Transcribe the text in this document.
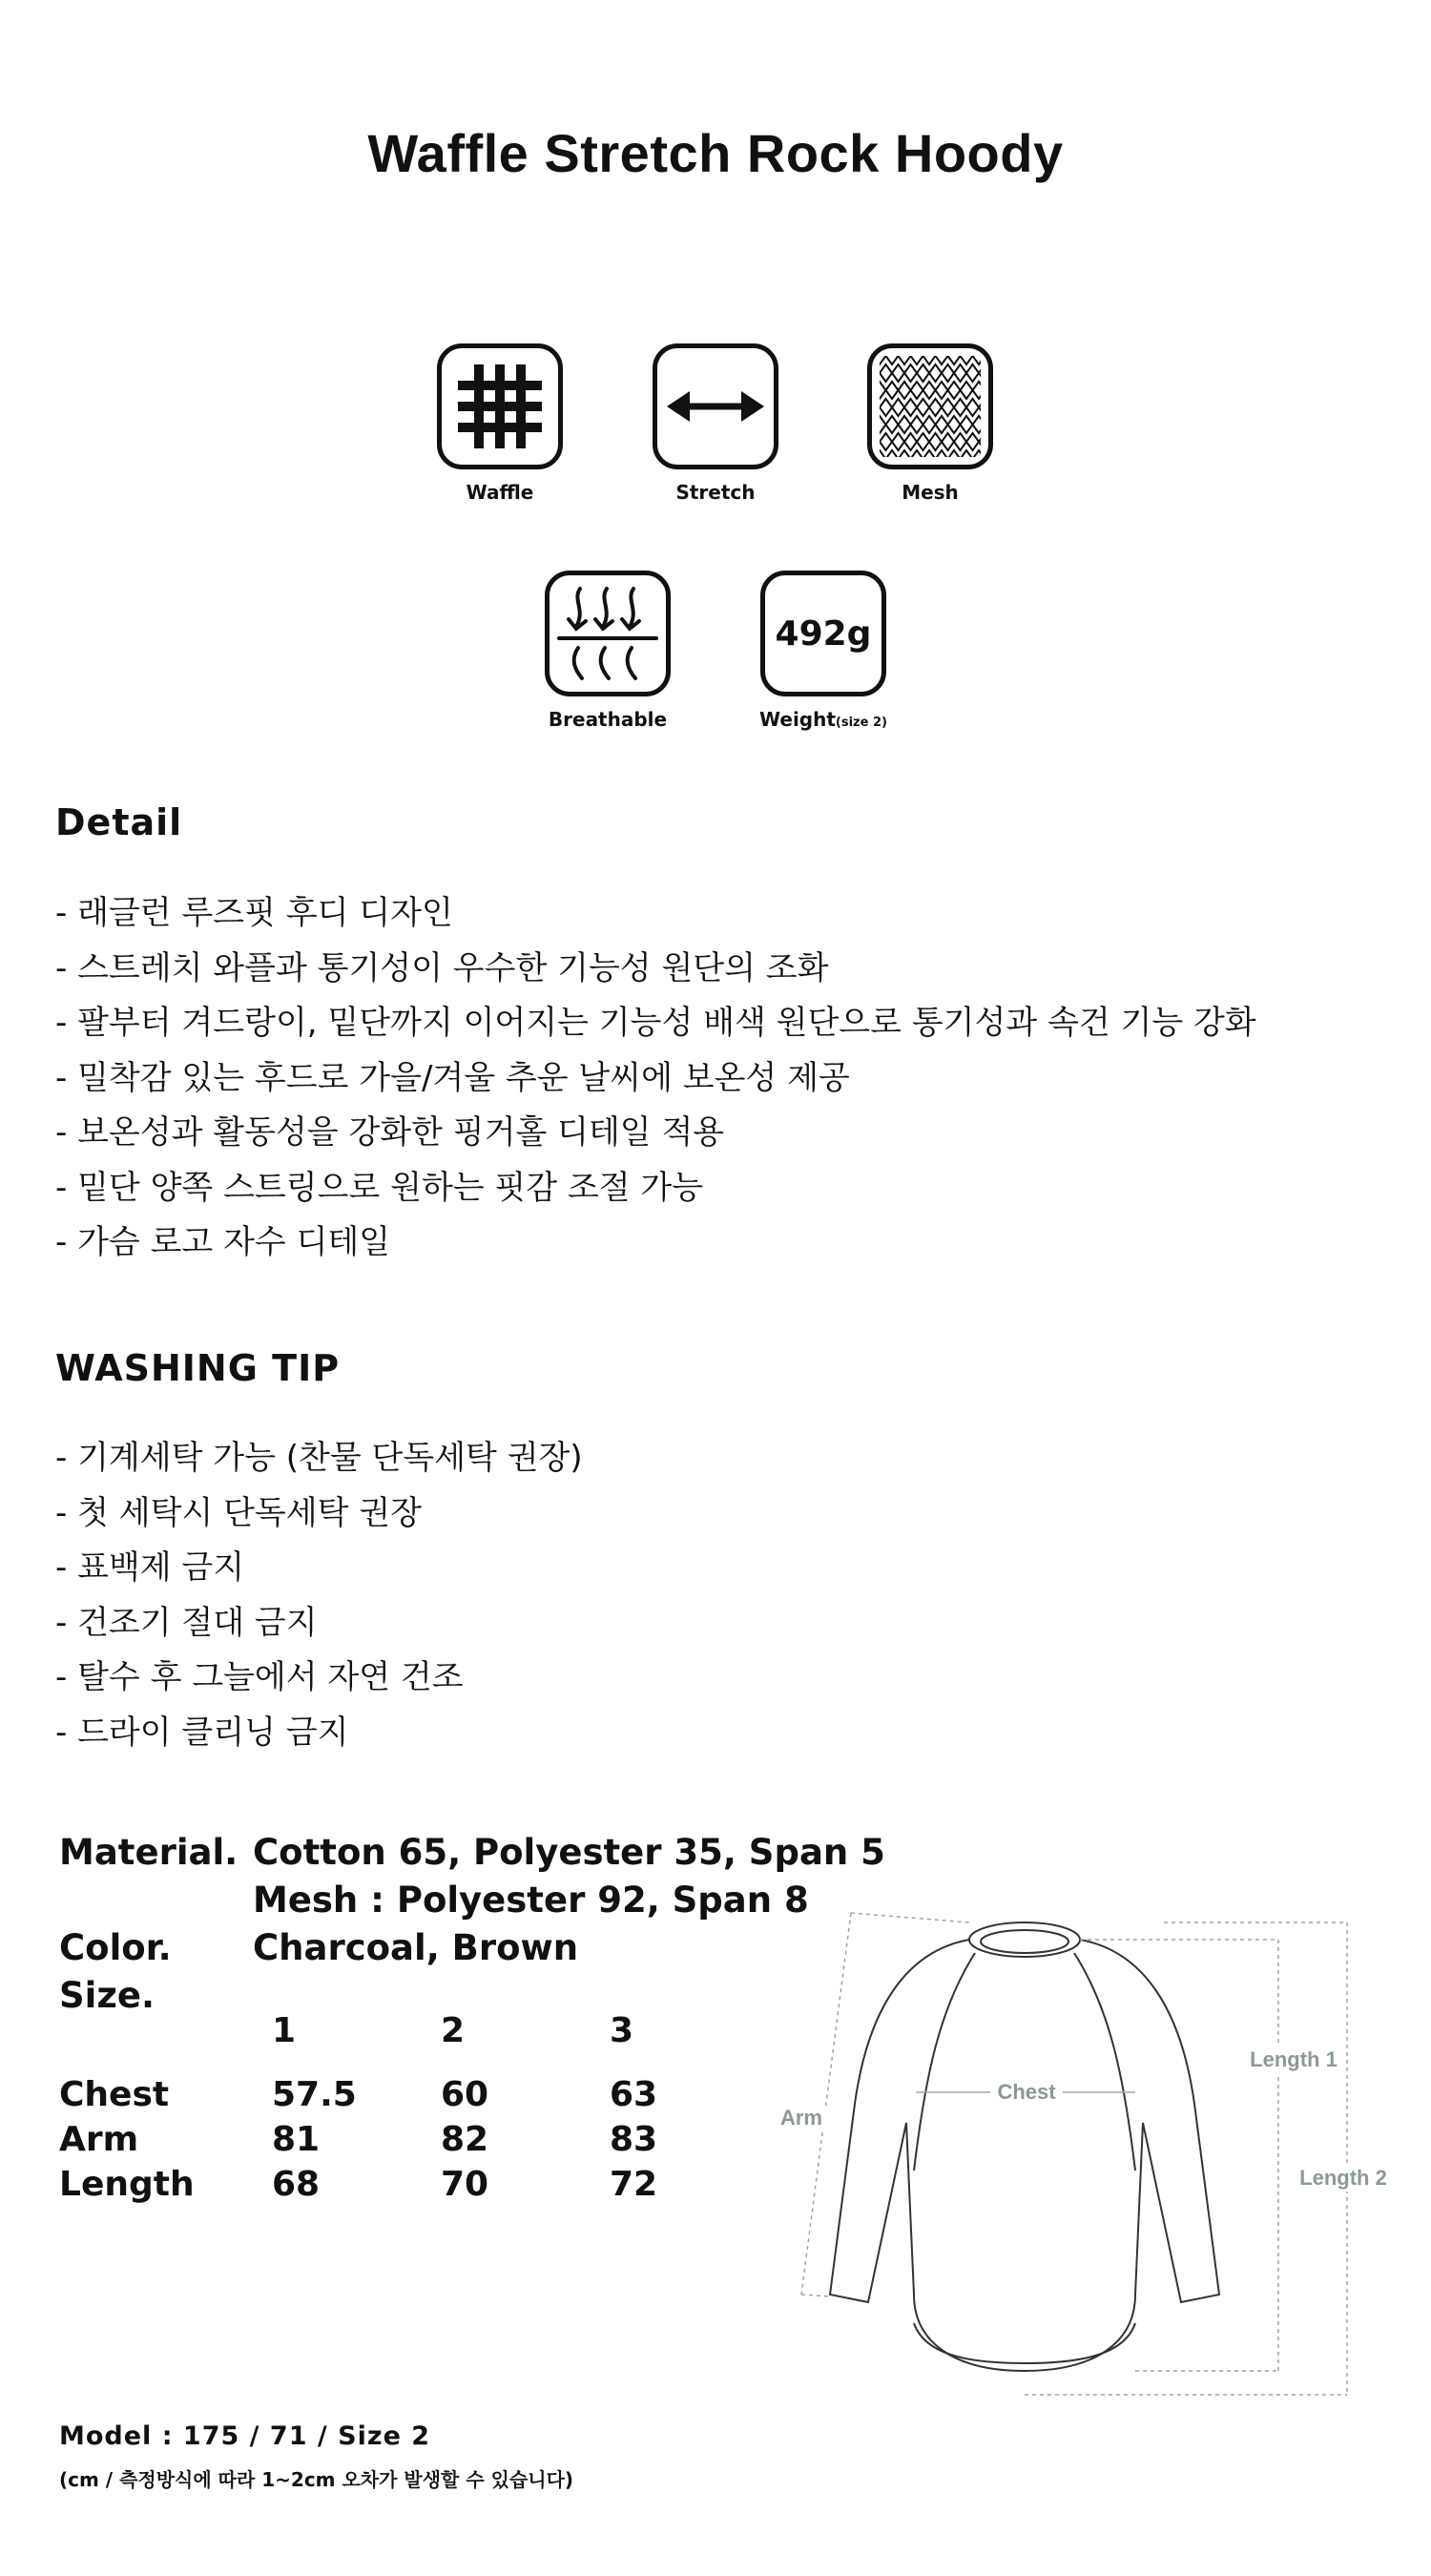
Waffle Stretch Rock Hoody
Waffle	Stretch	Mesh
Breathable
492g
Weight(size 2)
Detail
- 래글런 루즈핏 후디 디자인
- 스트레치 와플과 통기성이 우수한 기능성 원단의 조화
- 팔부터 겨드랑이, 밑단까지 이어지는 기능성 배색 원단으로 통기성과 속건 기능 강화
- 밀착감 있는 후드로 가을/겨울 추운 날씨에 보온성 제공
- 보온성과 활동성을 강화한 핑거홀 디테일 적용
- 밑단 양쪽 스트링으로 원하는 핏감 조절 가능
- 가슴 로고 자수 디테일
WASHING TIP
- 기계세탁 가능 (찬물 단독세탁 권장)
- 첫 세탁시 단독세탁 권장
- 표백제 금지
- 건조기 절대 금지
- 탈수 후 그늘에서 자연 건조
- 드라이 클리닝 금지
Material. Cotton 65, Polyester 35, Span 5
Mesh : Polyester 92, Span 8
Color. Charcoal, Brown
Size.
	1	2	3
Chest	57.5	60	63
Arm	81	82	83
Length	68	70	72
Chest
Arm
Length 1
Length 2
Model : 175 / 71 / Size 2
(cm / 측정방식에 따라 1~2cm 오차가 발생할 수 있습니다)
